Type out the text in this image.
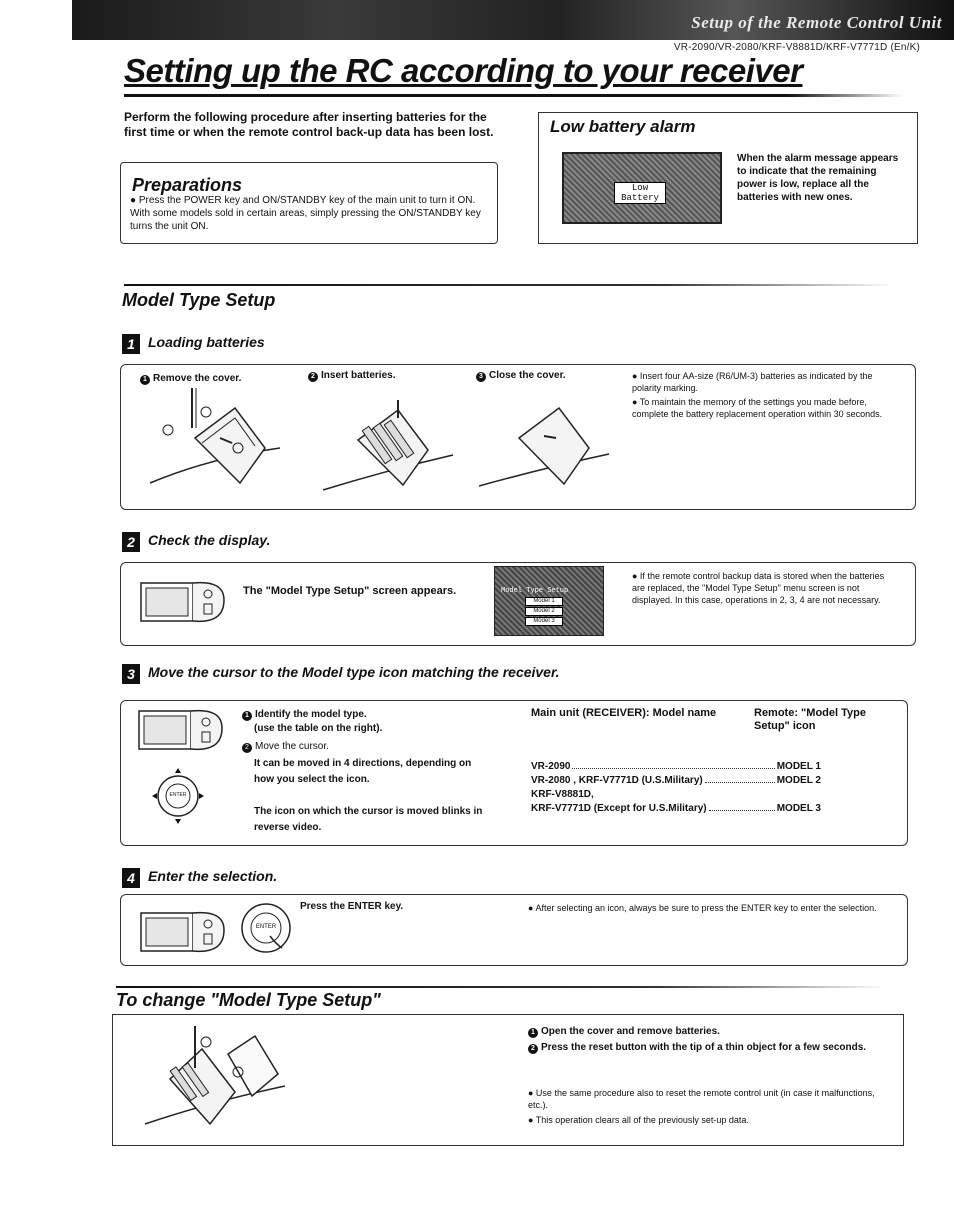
Setup of the Remote Control Unit
VR-2090/VR-2080/KRF-V8881D/KRF-V7771D (En/K)
Setting up the RC according to your receiver
Perform the following procedure after inserting batteries for the first time or when the remote control back-up data has been lost.
Preparations
● Press the POWER key and ON/STANDBY key of the main unit to turn it ON. With some models sold in certain areas, simply pressing the ON/STANDBY key turns the unit ON.
Low battery alarm
Low
Battery
When the alarm message appears to indicate that the remaining power is low, replace all the batteries with new ones.
Model Type Setup
1 Loading batteries
1 Remove the cover.	2 Insert batteries.	3 Close the cover.	● Insert four AA-size (R6/UM-3) batteries as indicated by the polarity marking.
● To maintain the memory of the settings you made before, complete the battery replacement operation within 30 seconds.
2 Check the display.
The "Model Type Setup" screen appears.	Model Type Setup
Model 1
Model 2
Model 3
● If the remote control backup data is stored when the batteries are replaced, the "Model Type Setup" menu screen is not displayed. In this case, operations in 2, 3, 4 are not necessary.
3 Move the cursor to the Model type icon matching the receiver.
ENTER
1 Identify the model type.
(use the table on the right).
2 Move the cursor.
It can be moved in 4 directions, depending on how you select the icon.
The icon on which the cursor is moved blinks in reverse video.
Main unit (RECEIVER): Model name	Remote: "Model Type Setup" icon
VR-2090	MODEL 1
VR-2080 , KRF-V7771D (U.S.Military)	MODEL 2
KRF-V8881D,
KRF-V7771D (Except for U.S.Military)	MODEL 3
4 Enter the selection.
ENTER
Press the ENTER key.	● After selecting an icon, always be sure to press the ENTER key to enter the selection.
To change "Model Type Setup"
1 Open the cover and remove batteries.
2 Press the reset button with the tip of a thin object for a few seconds.
● Use the same procedure also to reset the remote control unit (in case it malfunctions, etc.).
● This operation clears all of the previously set-up data.
